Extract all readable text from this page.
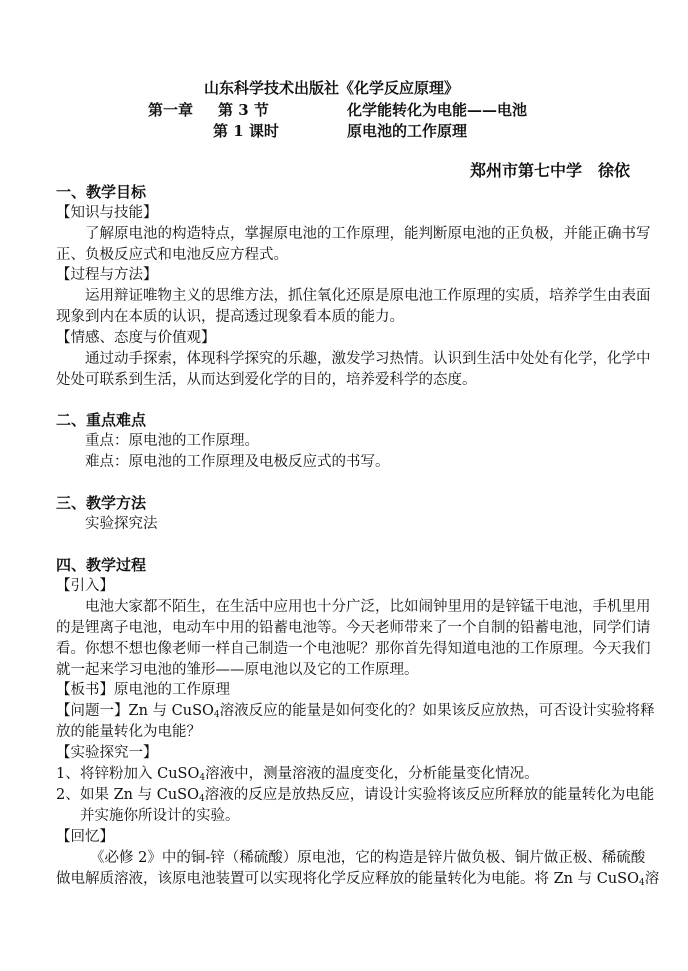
山东科学技术出版社《化学反应原理》
第一章 第 3 节	化学能转化为电能——电池
第 1 课时	原电池的工作原理
郑州市第七中学　徐依
一、教学目标
【知识与技能】
了解原电池的构造特点，掌握原电池的工作原理，能判断原电池的正负极，并能正确书写
正、负极反应式和电池反应方程式。
【过程与方法】
运用辩证唯物主义的思维方法，抓住氧化还原是原电池工作原理的实质，培养学生由表面
现象到内在本质的认识，提高透过现象看本质的能力。
【情感、态度与价值观】
通过动手探索，体现科学探究的乐趣，激发学习热情。认识到生活中处处有化学，化学中
处处可联系到生活，从而达到爱化学的目的，培养爱科学的态度。
二、重点难点
重点：原电池的工作原理。
难点：原电池的工作原理及电极反应式的书写。
三、教学方法
实验探究法
四、教学过程
【引入】
电池大家都不陌生，在生活中应用也十分广泛，比如闹钟里用的是锌锰干电池，手机里用
的是锂离子电池，电动车中用的铅蓄电池等。今天老师带来了一个自制的铅蓄电池，同学们请
看。你想不想也像老师一样自己制造一个电池呢？那你首先得知道电池的工作原理。今天我们
就一起来学习电池的雏形——原电池以及它的工作原理。
【板书】原电池的工作原理
【问题一】Zn 与 CuSO$_4$溶液反应的能量是如何变化的？如果该反应放热，可否设计实验将释
放的能量转化为电能？
【实验探究一】
1、 将锌粉加入 CuSO$_4$溶液中，测量溶液的温度变化，分析能量变化情况。
2、 如果 Zn 与 CuSO$_4$溶液的反应是放热反应，请设计实验将该反应所释放的能量转化为电能
并实施你所设计的实验。
【回忆】
《必修 2》中的铜-锌（稀硫酸）原电池，它的构造是锌片做负极、铜片做正极、稀硫酸
做电解质溶液，该原电池装置可以实现将化学反应释放的能量转化为电能。将 Zn 与 CuSO$_4$溶
